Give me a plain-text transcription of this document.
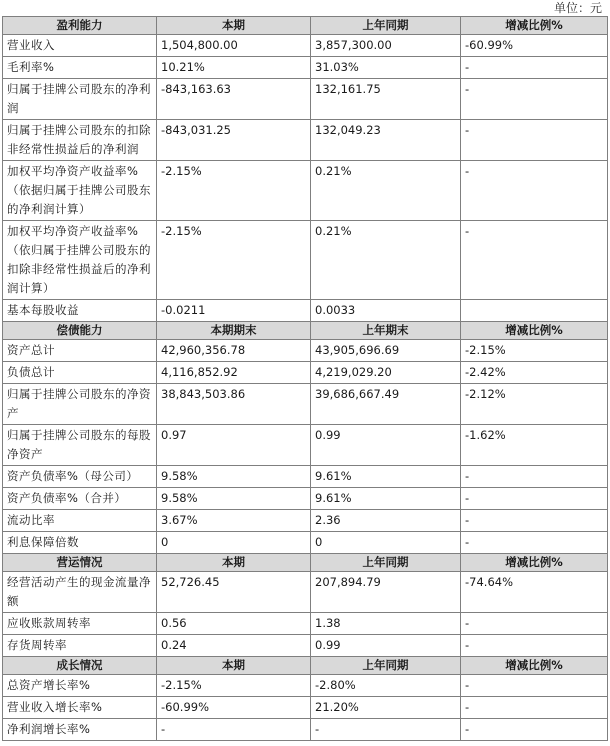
单位：元
盈利能力	本期	上年同期	增减比例%
营业收入	1,504,800.00	3,857,300.00	-60.99%
毛利率%	10.21%	31.03%	-
归属于挂牌公司股东的净利润	-843,163.63	132,161.75	-
归属于挂牌公司股东的扣除非经常性损益后的净利润	-843,031.25	132,049.23	-
加权平均净资产收益率%（依据归属于挂牌公司股东的净利润计算）	-2.15%	0.21%	-
加权平均净资产收益率%（依归属于挂牌公司股东的扣除非经常性损益后的净利润计算）	-2.15%	0.21%	-
基本每股收益	-0.0211	0.0033	
偿债能力	本期期末	上年期末	增减比例%
资产总计	42,960,356.78	43,905,696.69	-2.15%
负债总计	4,116,852.92	4,219,029.20	-2.42%
归属于挂牌公司股东的净资产	38,843,503.86	39,686,667.49	-2.12%
归属于挂牌公司股东的每股净资产	0.97	0.99	-1.62%
资产负债率%（母公司）	9.58%	9.61%	-
资产负债率%（合并）	9.58%	9.61%	-
流动比率	3.67%	2.36	-
利息保障倍数	0	0	-
营运情况	本期	上年同期	增减比例%
经营活动产生的现金流量净额	52,726.45	207,894.79	-74.64%
应收账款周转率	0.56	1.38	-
存货周转率	0.24	0.99	-
成长情况	本期	上年同期	增减比例%
总资产增长率%	-2.15%	-2.80%	-
营业收入增长率%	-60.99%	21.20%	-
净利润增长率%	-	-	-
